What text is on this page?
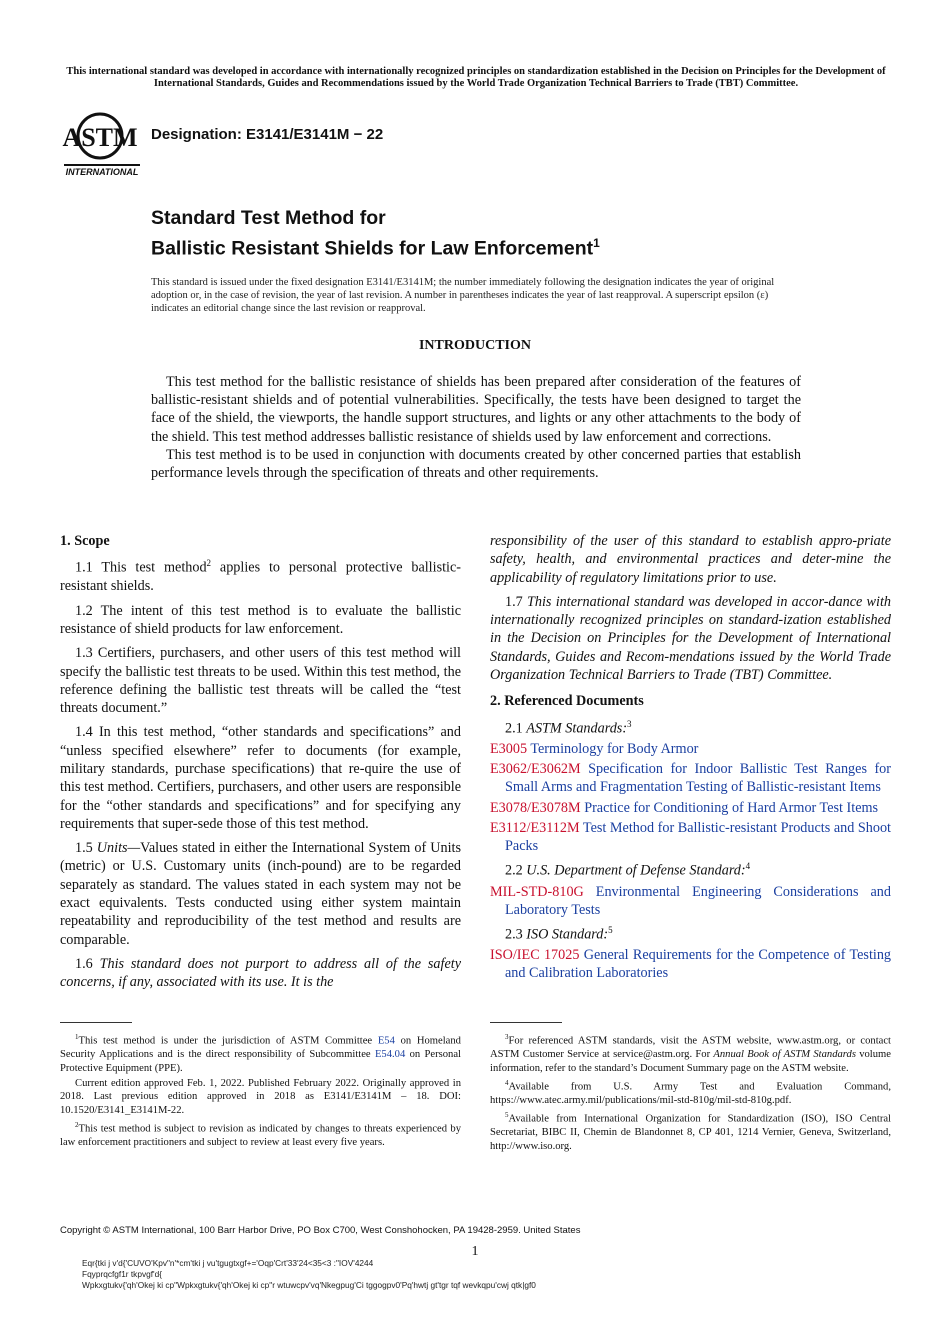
This international standard was developed in accordance with internationally recognized principles on standardization established in the Decision on Principles for the Development of International Standards, Guides and Recommendations issued by the World Trade Organization Technical Barriers to Trade (TBT) Committee.
ASTM
INTERNATIONAL
Designation: E3141/E3141M − 22
Standard Test Method for
Ballistic Resistant Shields for Law Enforcement$^1$
This standard is issued under the fixed designation E3141/E3141M; the number immediately following the designation indicates the year of original adoption or, in the case of revision, the year of last revision. A number in parentheses indicates the year of last reapproval. A superscript epsilon (ε) indicates an editorial change since the last revision or reapproval.
INTRODUCTION

This test method for the ballistic resistance of shields has been prepared after consideration of the features of ballistic-resistant shields and of potential vulnerabilities. Specifically, the tests have been designed to target the face of the shield, the viewports, the handle support structures, and lights or any other attachments to the body of the shield. This test method addresses ballistic resistance of shields used by law enforcement and corrections.

This test method is to be used in conjunction with documents created by other concerned parties that establish performance levels through the specification of threats and other requirements.

1. Scope

1.1 This test method$^2$ applies to personal protective ballistic-resistant shields.

1.2 The intent of this test method is to evaluate the ballistic resistance of shield products for law enforcement.

1.3 Certifiers, purchasers, and other users of this test method will specify the ballistic test threats to be used. Within this test method, the reference defining the ballistic test threats will be called the “test threats document.”

1.4 In this test method, “other standards and specifications” and “unless specified elsewhere” refer to documents (for example, military standards, purchase specifications) that re-quire the use of this test method. Certifiers, purchasers, and other users are responsible for the “other standards and specifications” and for specifying any requirements that super-sede those of this test method.

1.5 Units—Values stated in either the International System of Units (metric) or U.S. Customary units (inch-pound) are to be regarded separately as standard. The values stated in each system may not be exact equivalents. Tests conducted using either system maintain repeatability and reproducibility of the test method and results are comparable.

1.6 This standard does not purport to address all of the safety concerns, if any, associated with its use. It is the

responsibility of the user of this standard to establish appro-priate safety, health, and environmental practices and deter-mine the applicability of regulatory limitations prior to use.

1.7 This international standard was developed in accor-dance with internationally recognized principles on standard-ization established in the Decision on Principles for the Development of International Standards, Guides and Recom-mendations issued by the World Trade Organization Technical Barriers to Trade (TBT) Committee.

2. Referenced Documents
2.1 ASTM Standards:$^3$
E3005 Terminology for Body Armor
E3062/E3062M Specification for Indoor Ballistic Test Ranges for Small Arms and Fragmentation Testing of Ballistic-resistant Items
E3078/E3078M Practice for Conditioning of Hard Armor Test Items
E3112/E3112M Test Method for Ballistic-resistant Products and Shoot Packs
2.2 U.S. Department of Defense Standard:$^4$
MIL-STD-810G Environmental Engineering Considerations and Laboratory Tests
2.3 ISO Standard:$^5$
ISO/IEC 17025 General Requirements for the Competence of Testing and Calibration Laboratories

$^1$This test method is under the jurisdiction of ASTM Committee E54 on Homeland Security Applications and is the direct responsibility of Subcommittee E54.04 on Personal Protective Equipment (PPE).

Current edition approved Feb. 1, 2022. Published February 2022. Originally approved in 2018. Last previous edition approved in 2018 as E3141/E3141M – 18. DOI: 10.1520/E3141_E3141M-22.

$^2$This test method is subject to revision as indicated by changes to threats experienced by law enforcement practitioners and subject to review at least every five years.

$^3$For referenced ASTM standards, visit the ASTM website, www.astm.org, or contact ASTM Customer Service at service@astm.org. For Annual Book of ASTM Standards volume information, refer to the standard’s Document Summary page on the ASTM website.

$^4$Available from U.S. Army Test and Evaluation Command, https://www.atec.army.mil/publications/mil-std-810g/mil-std-810g.pdf.

$^5$Available from International Organization for Standardization (ISO), ISO Central Secretariat, BIBC II, Chemin de Blandonnet 8, CP 401, 1214 Vernier, Geneva, Switzerland, http://www.iso.org.

Copyright © ASTM International, 100 Barr Harbor Drive, PO Box C700, West Conshohocken, PA 19428-2959. United States
1
Eqr{tki j v'd{'CUVO'Kpv"n'*cm'tki j vu'tgugtxgf+='Oqp'Crt'33'24<35<3 :"IOV'4244
Fqyprqcfgf1r tkpvgf'd{
Wpkxgtukv{'qh'Okej ki cp"Wpkxgtukv{'qh'Okej ki cp"r wtuwcpv'vq'Nkegpug'Ci tggogpv0'Pq'hwtj gt'tgr tqf wevkqpu'cwj qtk|gf0
